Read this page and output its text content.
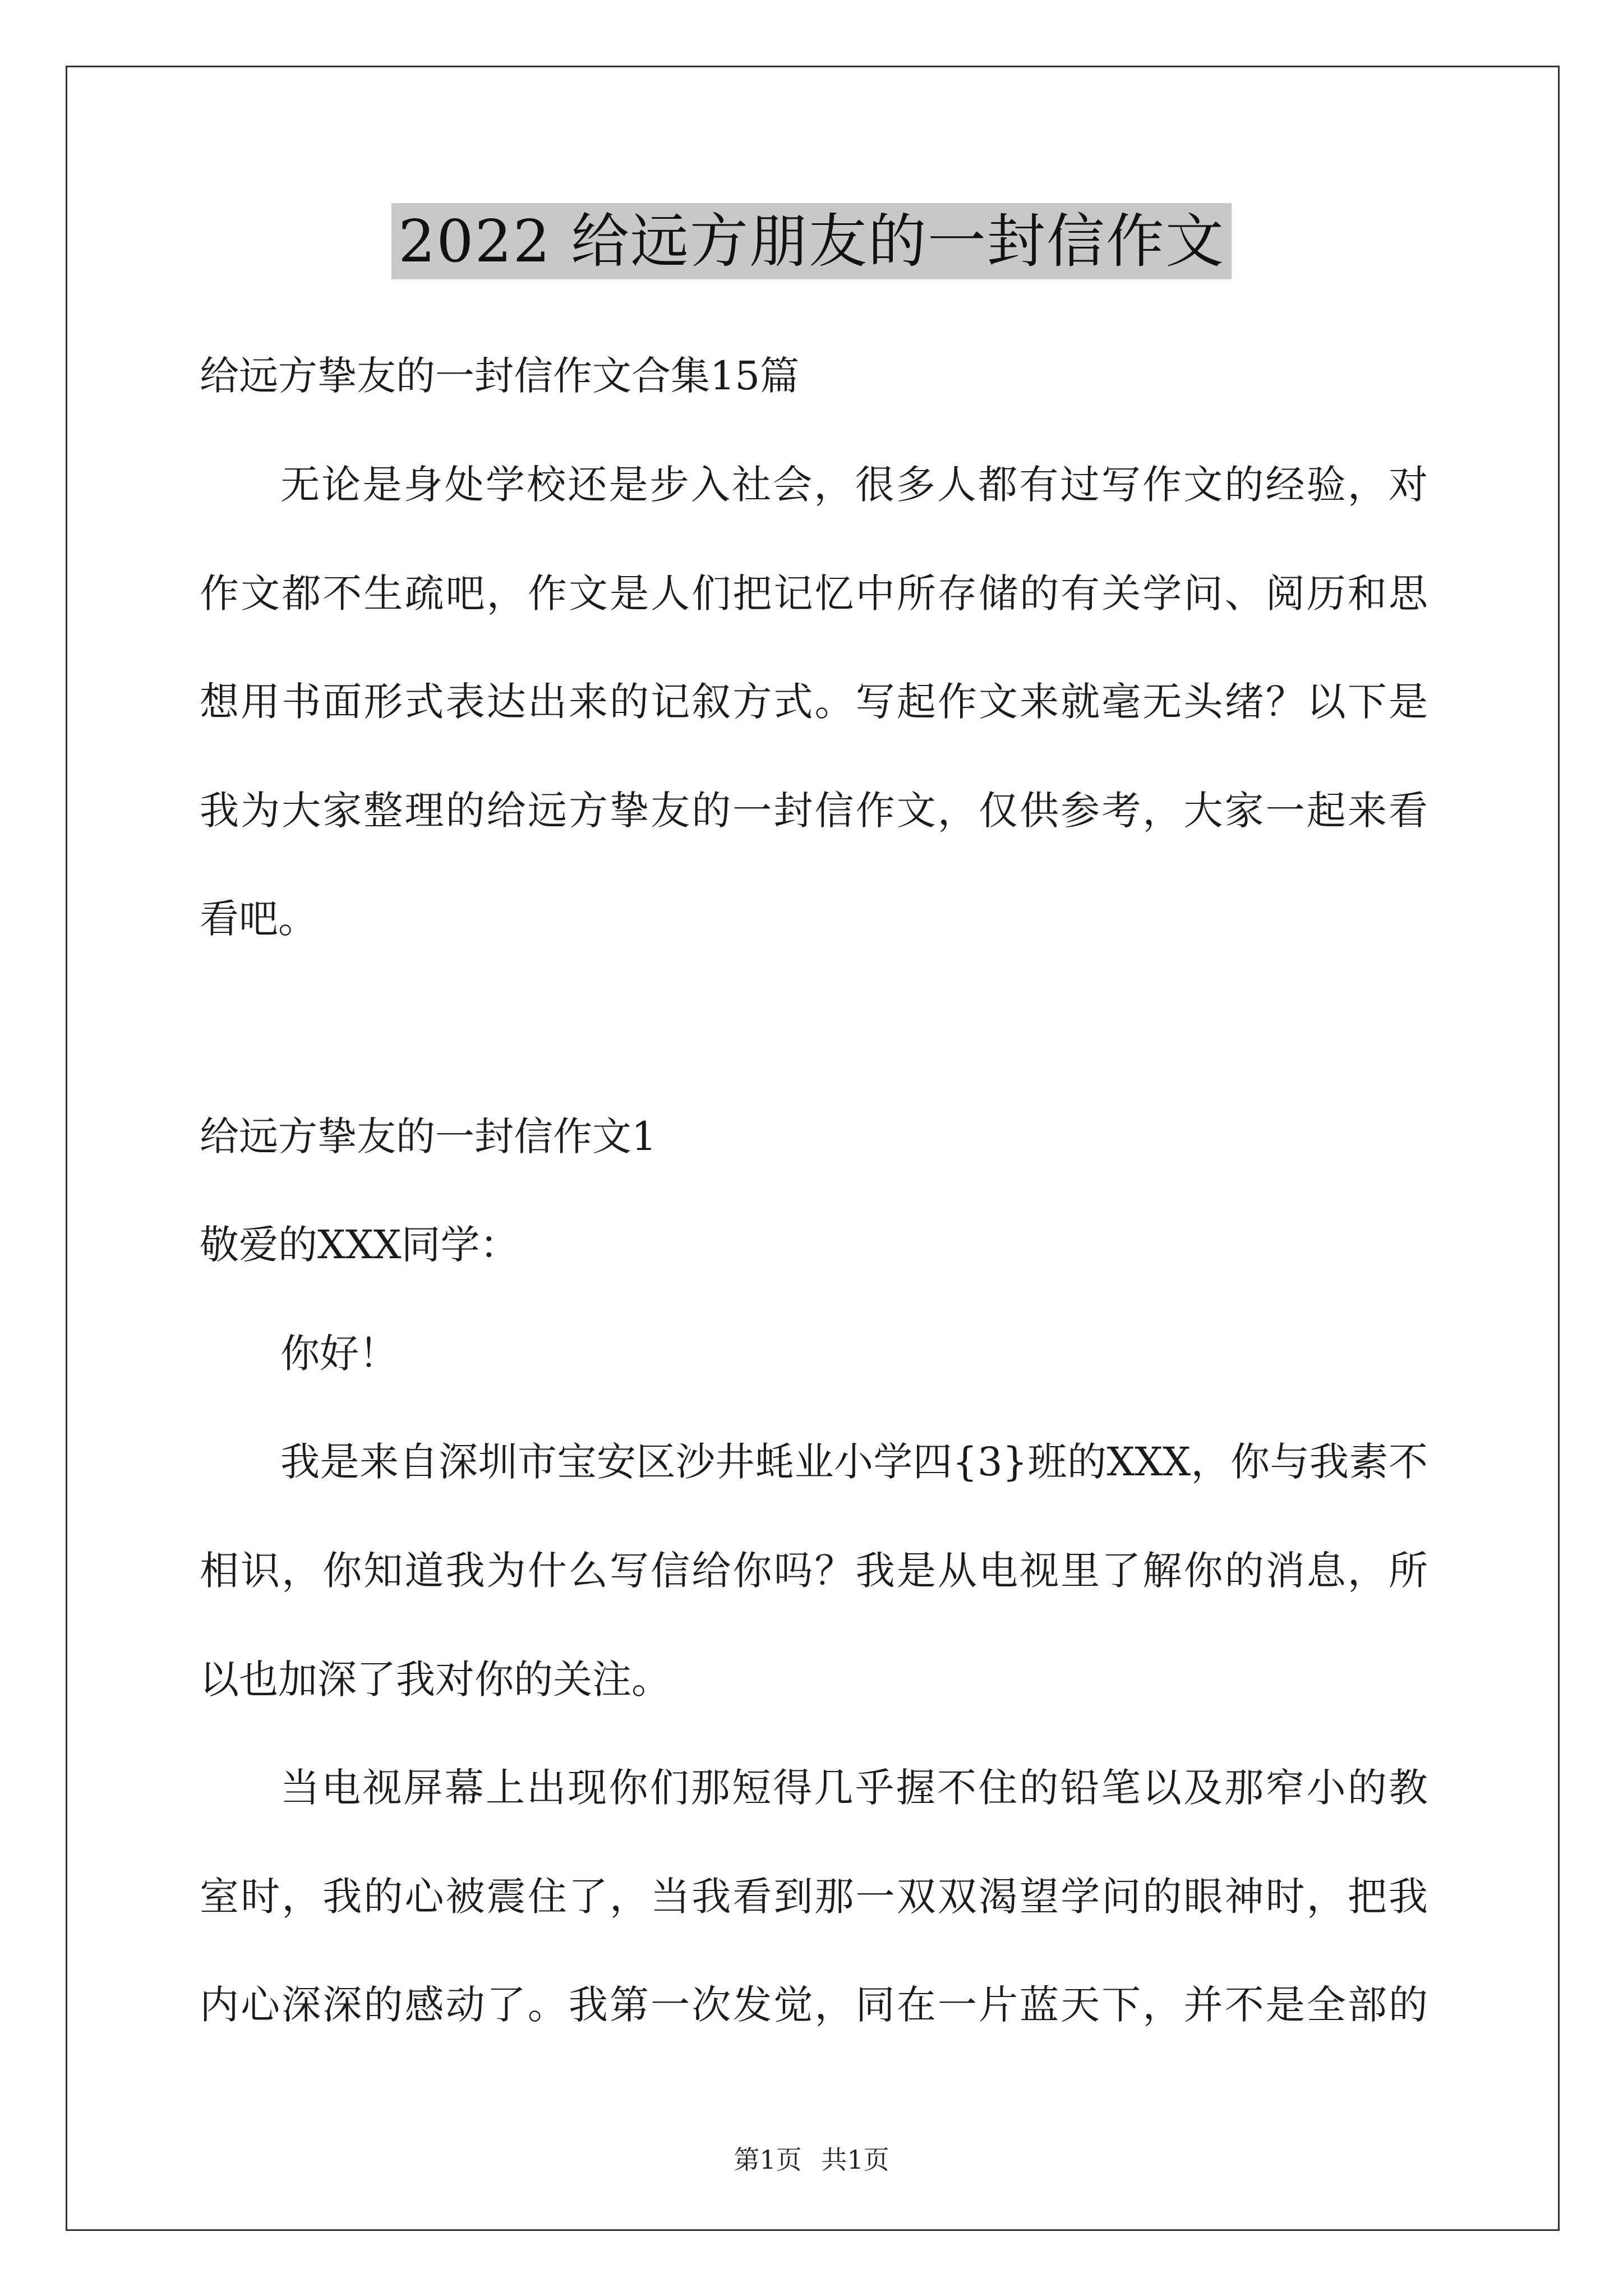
2022 给远方朋友的一封信作文
给远方挚友的一封信作文合集15篇
无论是身处学校还是步入社会，很多人都有过写作文的经验，对
作文都不生疏吧，作文是人们把记忆中所存储的有关学问、阅历和思
想用书面形式表达出来的记叙方式。写起作文来就毫无头绪？以下是
我为大家整理的给远方挚友的一封信作文，仅供参考，大家一起来看
看吧。
给远方挚友的一封信作文1
敬爱的XXX同学：
你好！
我是来自深圳市宝安区沙井蚝业小学四{3}班的XXX，你与我素不
相识，你知道我为什么写信给你吗？我是从电视里了解你的消息，所
以也加深了我对你的关注。
当电视屏幕上出现你们那短得几乎握不住的铅笔以及那窄小的教
室时，我的心被震住了，当我看到那一双双渴望学问的眼神时，把我
内心深深的感动了。我第一次发觉，同在一片蓝天下，并不是全部的
第1页 共1页
